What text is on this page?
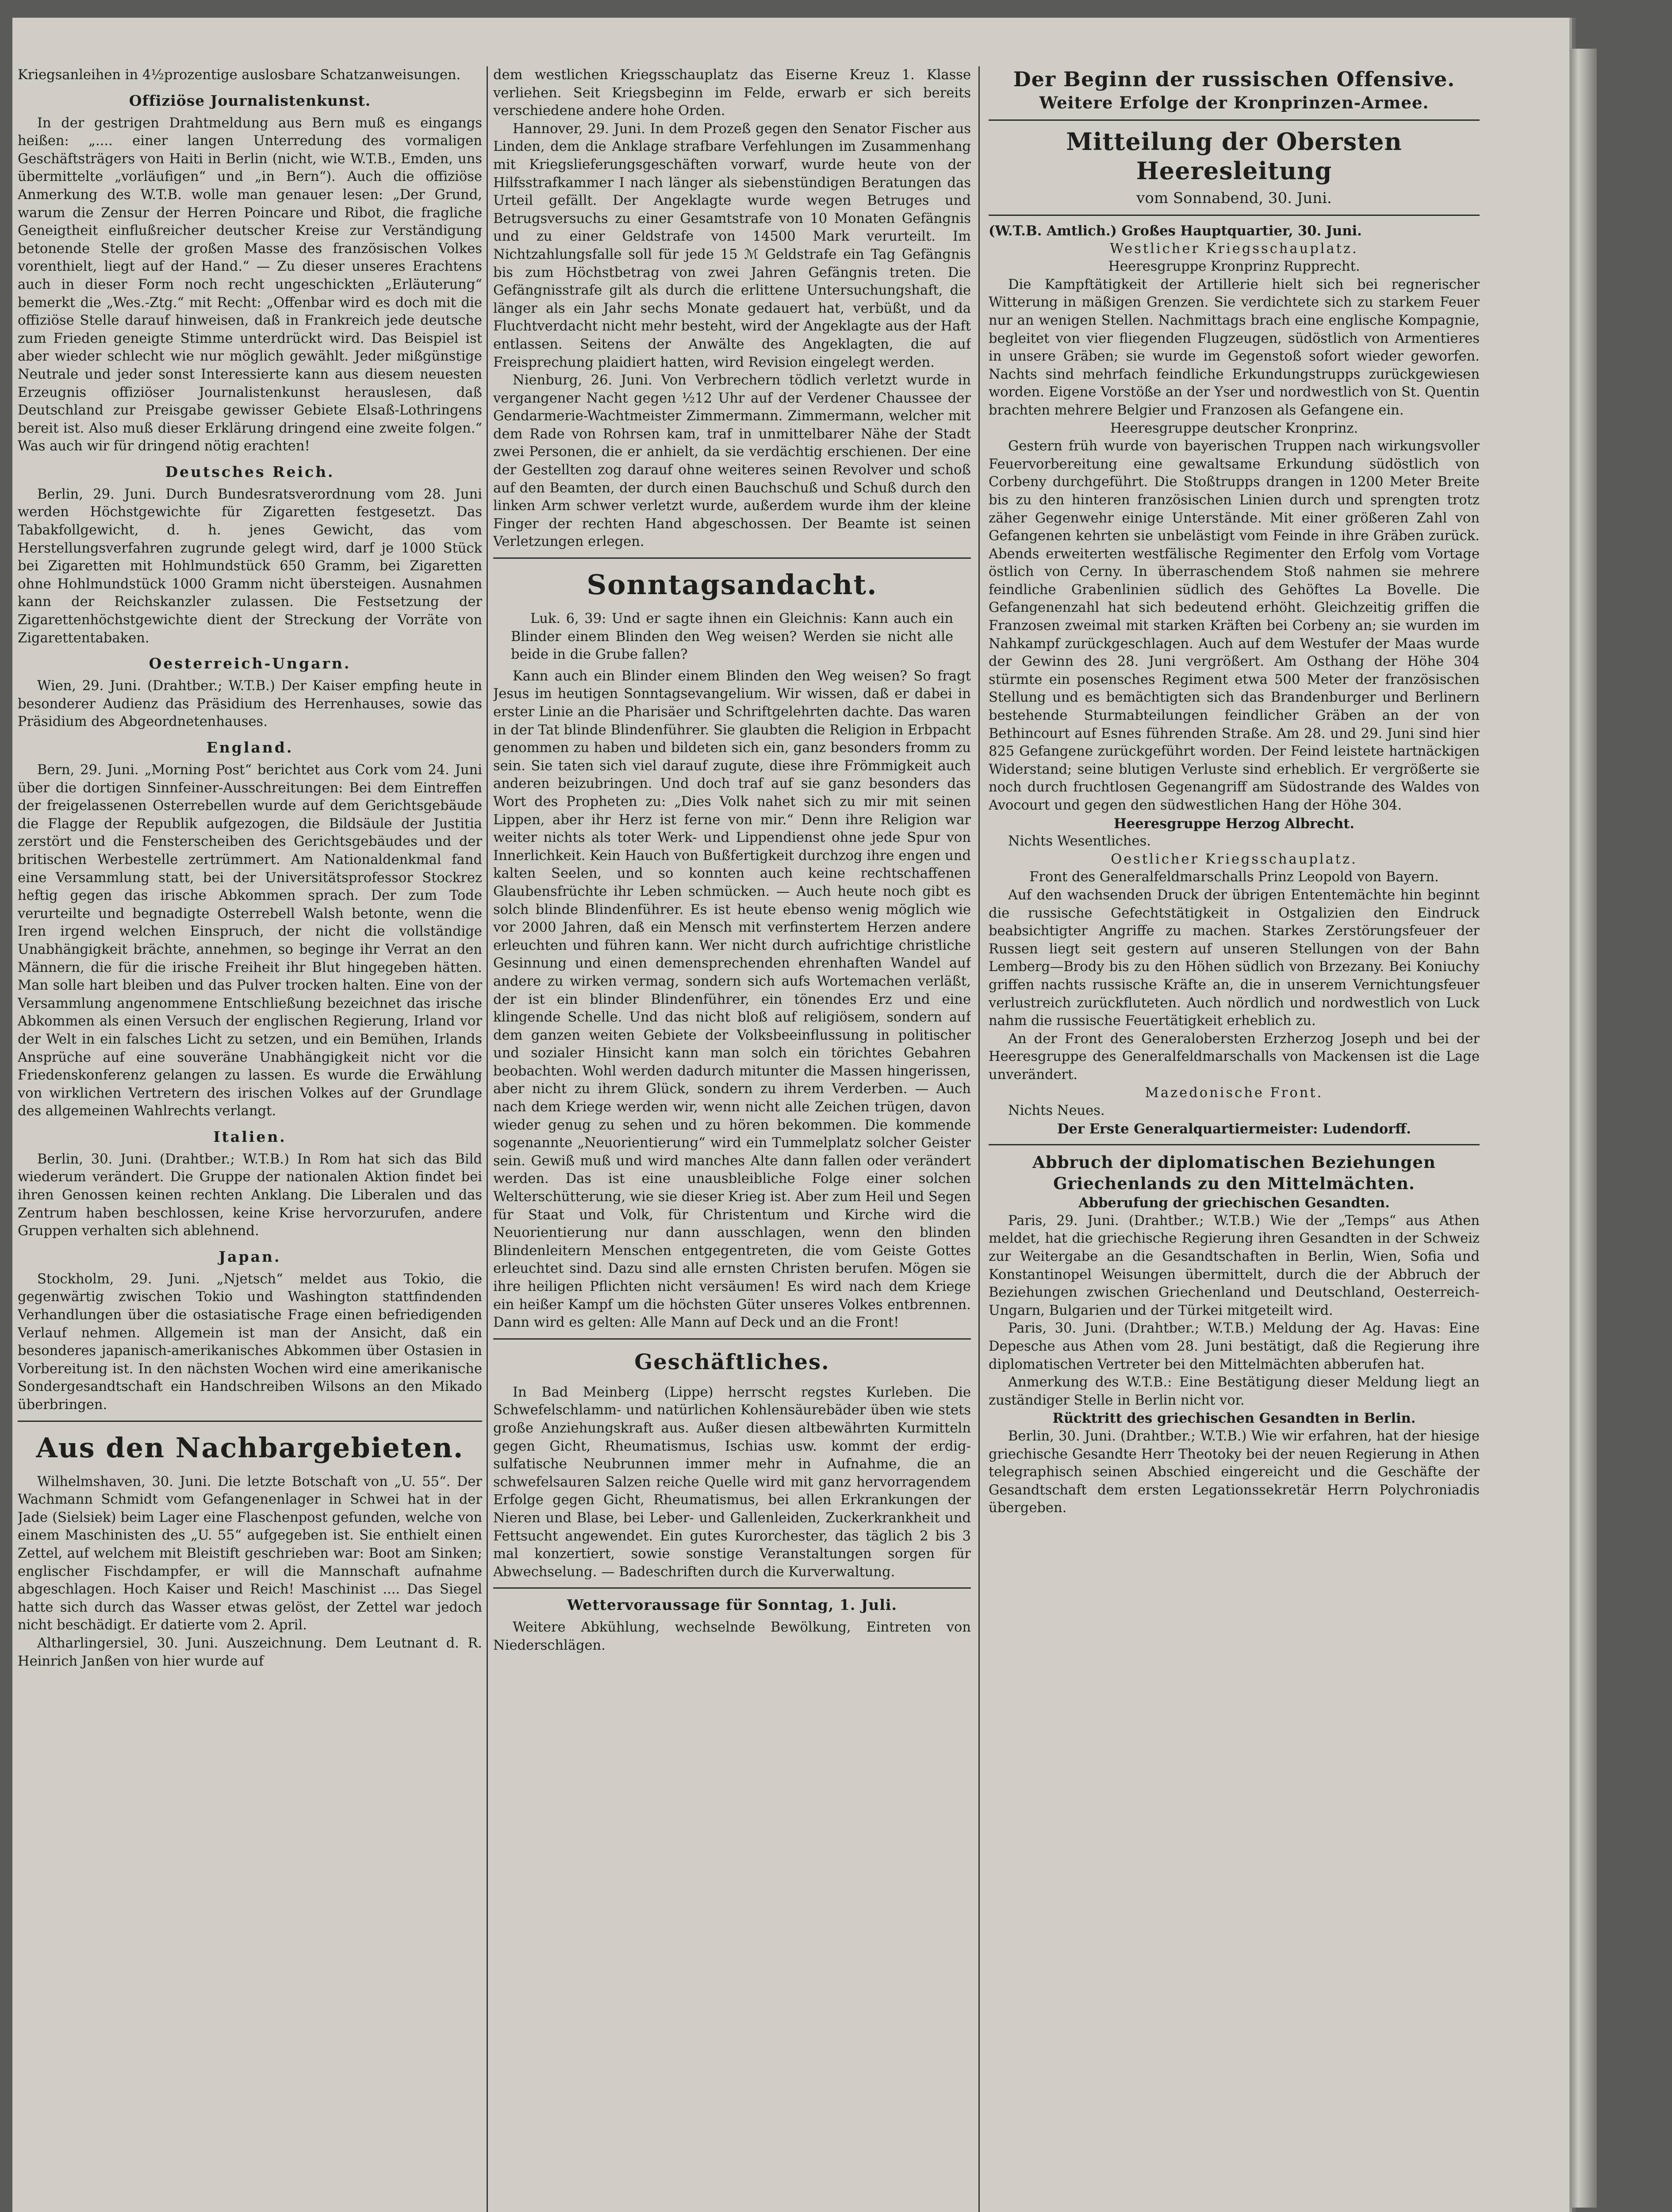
Kriegsanleihen in 4½prozentige auslosbare Schatzanweisungen.

Offiziöse Journalistenkunst.

In der gestrigen Drahtmeldung aus Bern muß es eingangs heißen: „.... einer langen Unterredung des vormaligen Geschäftsträgers von Haiti in Berlin (nicht, wie W.T.B., Emden, uns übermittelte „vorläufigen“ und „in Bern“). Auch die offiziöse Anmerkung des W.T.B. wolle man genauer lesen: „Der Grund, warum die Zensur der Herren Poincare und Ribot, die fragliche Geneigtheit einflußreicher deutscher Kreise zur Verständigung betonende Stelle der großen Masse des französischen Volkes vorenthielt, liegt auf der Hand.“ — Zu dieser unseres Erachtens auch in dieser Form noch recht ungeschickten „Erläuterung“ bemerkt die „Wes.-Ztg.“ mit Recht: „Offenbar wird es doch mit die offiziöse Stelle darauf hinweisen, daß in Frankreich jede deutsche zum Frieden geneigte Stimme unterdrückt wird. Das Beispiel ist aber wieder schlecht wie nur möglich gewählt. Jeder mißgünstige Neutrale und jeder sonst Interessierte kann aus diesem neuesten Erzeugnis offiziöser Journalistenkunst herauslesen, daß Deutschland zur Preisgabe gewisser Gebiete Elsaß-Lothringens bereit ist. Also muß dieser Erklärung dringend eine zweite folgen.“ Was auch wir für dringend nötig erachten!

Deutsches Reich.

Berlin, 29. Juni. Durch Bundesratsverordnung vom 28. Juni werden Höchstgewichte für Zigaretten festgesetzt. Das Tabakfollgewicht, d. h. jenes Gewicht, das vom Herstellungsverfahren zugrunde gelegt wird, darf je 1000 Stück bei Zigaretten mit Hohlmundstück 650 Gramm, bei Zigaretten ohne Hohlmundstück 1000 Gramm nicht übersteigen. Ausnahmen kann der Reichskanzler zulassen. Die Festsetzung der Zigarettenhöchstgewichte dient der Streckung der Vorräte von Zigarettentabaken.

Oesterreich-Ungarn.

Wien, 29. Juni. (Drahtber.; W.T.B.) Der Kaiser empfing heute in besonderer Audienz das Präsidium des Herrenhauses, sowie das Präsidium des Abgeordnetenhauses.

England.

Bern, 29. Juni. „Morning Post“ berichtet aus Cork vom 24. Juni über die dortigen Sinnfeiner-Ausschreitungen: Bei dem Eintreffen der freigelassenen Osterrebellen wurde auf dem Gerichtsgebäude die Flagge der Republik aufgezogen, die Bildsäule der Justitia zerstört und die Fensterscheiben des Gerichtsgebäudes und der britischen Werbestelle zertrümmert. Am Nationaldenkmal fand eine Versammlung statt, bei der Universitätsprofessor Stockrez heftig gegen das irische Abkommen sprach. Der zum Tode verurteilte und begnadigte Osterrebell Walsh betonte, wenn die Iren irgend welchen Einspruch, der nicht die vollständige Unabhängigkeit brächte, annehmen, so beginge ihr Verrat an den Männern, die für die irische Freiheit ihr Blut hingegeben hätten. Man solle hart bleiben und das Pulver trocken halten. Eine von der Versammlung angenommene Entschließung bezeichnet das irische Abkommen als einen Versuch der englischen Regierung, Irland vor der Welt in ein falsches Licht zu setzen, und ein Bemühen, Irlands Ansprüche auf eine souveräne Unabhängigkeit nicht vor die Friedenskonferenz gelangen zu lassen. Es wurde die Erwählung von wirklichen Vertretern des irischen Volkes auf der Grundlage des allgemeinen Wahlrechts verlangt.

Italien.

Berlin, 30. Juni. (Drahtber.; W.T.B.) In Rom hat sich das Bild wiederum verändert. Die Gruppe der nationalen Aktion findet bei ihren Genossen keinen rechten Anklang. Die Liberalen und das Zentrum haben beschlossen, keine Krise hervorzurufen, andere Gruppen verhalten sich ablehnend.

Japan.

Stockholm, 29. Juni. „Njetsch“ meldet aus Tokio, die gegenwärtig zwischen Tokio und Washington stattfindenden Verhandlungen über die ostasiatische Frage einen befriedigenden Verlauf nehmen. Allgemein ist man der Ansicht, daß ein besonderes japanisch-amerikanisches Abkommen über Ostasien in Vorbereitung ist. In den nächsten Wochen wird eine amerikanische Sondergesandtschaft ein Handschreiben Wilsons an den Mikado überbringen.

Aus den Nachbargebieten.

Wilhelmshaven, 30. Juni. Die letzte Botschaft von „U. 55“. Der Wachmann Schmidt vom Gefangenenlager in Schwei hat in der Jade (Sielsiek) beim Lager eine Flaschenpost gefunden, welche von einem Maschinisten des „U. 55“ aufgegeben ist. Sie enthielt einen Zettel, auf welchem mit Bleistift geschrieben war: Boot am Sinken; englischer Fischdampfer, er will die Mannschaft aufnahme abgeschlagen. Hoch Kaiser und Reich! Maschinist .... Das Siegel hatte sich durch das Wasser etwas gelöst, der Zettel war jedoch nicht beschädigt. Er datierte vom 2. April.

Altharlingersiel, 30. Juni. Auszeichnung. Dem Leutnant d. R. Heinrich Janßen von hier wurde auf

dem westlichen Kriegsschauplatz das Eiserne Kreuz 1. Klasse verliehen. Seit Kriegsbeginn im Felde, erwarb er sich bereits verschiedene andere hohe Orden.

Hannover, 29. Juni. In dem Prozeß gegen den Senator Fischer aus Linden, dem die Anklage strafbare Verfehlungen im Zusammenhang mit Kriegslieferungsgeschäften vorwarf, wurde heute von der Hilfsstrafkammer I nach länger als siebenstündigen Beratungen das Urteil gefällt. Der Angeklagte wurde wegen Betruges und Betrugsversuchs zu einer Gesamtstrafe von 10 Monaten Gefängnis und zu einer Geldstrafe von 14500 Mark verurteilt. Im Nichtzahlungsfalle soll für jede 15 ℳ Geldstrafe ein Tag Gefängnis bis zum Höchstbetrag von zwei Jahren Gefängnis treten. Die Gefängnisstrafe gilt als durch die erlittene Untersuchungshaft, die länger als ein Jahr sechs Monate gedauert hat, verbüßt, und da Fluchtverdacht nicht mehr besteht, wird der Angeklagte aus der Haft entlassen. Seitens der Anwälte des Angeklagten, die auf Freisprechung plaidiert hatten, wird Revision eingelegt werden.

Nienburg, 26. Juni. Von Verbrechern tödlich verletzt wurde in vergangener Nacht gegen ½12 Uhr auf der Verdener Chaussee der Gendarmerie-Wachtmeister Zimmermann. Zimmermann, welcher mit dem Rade von Rohrsen kam, traf in unmittelbarer Nähe der Stadt zwei Personen, die er anhielt, da sie verdächtig erschienen. Der eine der Gestellten zog darauf ohne weiteres seinen Revolver und schoß auf den Beamten, der durch einen Bauchschuß und Schuß durch den linken Arm schwer verletzt wurde, außerdem wurde ihm der kleine Finger der rechten Hand abgeschossen. Der Beamte ist seinen Verletzungen erlegen.

Sonntagsandacht.

Luk. 6, 39: Und er sagte ihnen ein Gleichnis: Kann auch ein Blinder einem Blinden den Weg weisen? Werden sie nicht alle beide in die Grube fallen?

Kann auch ein Blinder einem Blinden den Weg weisen? So fragt Jesus im heutigen Sonntagsevangelium. Wir wissen, daß er dabei in erster Linie an die Pharisäer und Schriftgelehrten dachte. Das waren in der Tat blinde Blindenführer. Sie glaubten die Religion in Erbpacht genommen zu haben und bildeten sich ein, ganz besonders fromm zu sein. Sie taten sich viel darauf zugute, diese ihre Frömmigkeit auch anderen beizubringen. Und doch traf auf sie ganz besonders das Wort des Propheten zu: „Dies Volk nahet sich zu mir mit seinen Lippen, aber ihr Herz ist ferne von mir.“ Denn ihre Religion war weiter nichts als toter Werk- und Lippendienst ohne jede Spur von Innerlichkeit. Kein Hauch von Bußfertigkeit durchzog ihre engen und kalten Seelen, und so konnten auch keine rechtschaffenen Glaubensfrüchte ihr Leben schmücken. — Auch heute noch gibt es solch blinde Blindenführer. Es ist heute ebenso wenig möglich wie vor 2000 Jahren, daß ein Mensch mit verfinstertem Herzen andere erleuchten und führen kann. Wer nicht durch aufrichtige christliche Gesinnung und einen demensprechenden ehrenhaften Wandel auf andere zu wirken vermag, sondern sich aufs Wortemachen verläßt, der ist ein blinder Blindenführer, ein tönendes Erz und eine klingende Schelle. Und das nicht bloß auf religiösem, sondern auf dem ganzen weiten Gebiete der Volksbeeinflussung in politischer und sozialer Hinsicht kann man solch ein törichtes Gebahren beobachten. Wohl werden dadurch mitunter die Massen hingerissen, aber nicht zu ihrem Glück, sondern zu ihrem Verderben. — Auch nach dem Kriege werden wir, wenn nicht alle Zeichen trügen, davon wieder genug zu sehen und zu hören bekommen. Die kommende sogenannte „Neuorientierung“ wird ein Tummelplatz solcher Geister sein. Gewiß muß und wird manches Alte dann fallen oder verändert werden. Das ist eine unausbleibliche Folge einer solchen Welterschütterung, wie sie dieser Krieg ist. Aber zum Heil und Segen für Staat und Volk, für Christentum und Kirche wird die Neuorientierung nur dann ausschlagen, wenn den blinden Blindenleitern Menschen entgegentreten, die vom Geiste Gottes erleuchtet sind. Dazu sind alle ernsten Christen berufen. Mögen sie ihre heiligen Pflichten nicht versäumen! Es wird nach dem Kriege ein heißer Kampf um die höchsten Güter unseres Volkes entbrennen. Dann wird es gelten: Alle Mann auf Deck und an die Front!

Geschäftliches.

In Bad Meinberg (Lippe) herrscht regstes Kurleben. Die Schwefelschlamm- und natürlichen Kohlensäurebäder üben wie stets große Anziehungskraft aus. Außer diesen altbewährten Kurmitteln gegen Gicht, Rheumatismus, Ischias usw. kommt der erdig-sulfatische Neubrunnen immer mehr in Aufnahme, die an schwefelsauren Salzen reiche Quelle wird mit ganz hervorragendem Erfolge gegen Gicht, Rheumatismus, bei allen Erkrankungen der Nieren und Blase, bei Leber- und Gallenleiden, Zuckerkrankheit und Fettsucht angewendet. Ein gutes Kurorchester, das täglich 2 bis 3 mal konzertiert, sowie sonstige Veranstaltungen sorgen für Abwechselung. — Badeschriften durch die Kurverwaltung.

Wettervoraussage für Sonntag, 1. Juli.

Weitere Abkühlung, wechselnde Bewölkung, Eintreten von Niederschlägen.

Der Beginn der russischen Offensive.
Weitere Erfolge der Kronprinzen-Armee.
Mitteilung der Obersten Heeresleitung
vom Sonnabend, 30. Juni.

(W.T.B. Amtlich.) Großes Hauptquartier, 30. Juni.

Westlicher Kriegsschauplatz.

Heeresgruppe Kronprinz Rupprecht.

Die Kampftätigkeit der Artillerie hielt sich bei regnerischer Witterung in mäßigen Grenzen. Sie verdichtete sich zu starkem Feuer nur an wenigen Stellen. Nachmittags brach eine englische Kompagnie, begleitet von vier fliegenden Flugzeugen, südöstlich von Armentieres in unsere Gräben; sie wurde im Gegenstoß sofort wieder geworfen. Nachts sind mehrfach feindliche Erkundungstrupps zurückgewiesen worden. Eigene Vorstöße an der Yser und nordwestlich von St. Quentin brachten mehrere Belgier und Franzosen als Gefangene ein.

Heeresgruppe deutscher Kronprinz.

Gestern früh wurde von bayerischen Truppen nach wirkungsvoller Feuervorbereitung eine gewaltsame Erkundung südöstlich von Corbeny durchgeführt. Die Stoßtrupps drangen in 1200 Meter Breite bis zu den hinteren französischen Linien durch und sprengten trotz zäher Gegenwehr einige Unterstände. Mit einer größeren Zahl von Gefangenen kehrten sie unbelästigt vom Feinde in ihre Gräben zurück. Abends erweiterten westfälische Regimenter den Erfolg vom Vortage östlich von Cerny. In überraschendem Stoß nahmen sie mehrere feindliche Grabenlinien südlich des Gehöftes La Bovelle. Die Gefangenenzahl hat sich bedeutend erhöht. Gleichzeitig griffen die Franzosen zweimal mit starken Kräften bei Corbeny an; sie wurden im Nahkampf zurückgeschlagen. Auch auf dem Westufer der Maas wurde der Gewinn des 28. Juni vergrößert. Am Osthang der Höhe 304 stürmte ein posensches Regiment etwa 500 Meter der französischen Stellung und es bemächtigten sich das Brandenburger und Berlinern bestehende Sturmabteilungen feindlicher Gräben an der von Bethincourt auf Esnes führenden Straße. Am 28. und 29. Juni sind hier 825 Gefangene zurückgeführt worden. Der Feind leistete hartnäckigen Widerstand; seine blutigen Verluste sind erheblich. Er vergrößerte sie noch durch fruchtlosen Gegenangriff am Südostrande des Waldes von Avocourt und gegen den südwestlichen Hang der Höhe 304.

Heeresgruppe Herzog Albrecht.

Nichts Wesentliches.

Oestlicher Kriegsschauplatz.

Front des Generalfeldmarschalls Prinz Leopold von Bayern.

Auf den wachsenden Druck der übrigen Ententemächte hin beginnt die russische Gefechtstätigkeit in Ostgalizien den Eindruck beabsichtigter Angriffe zu machen. Starkes Zerstörungsfeuer der Russen liegt seit gestern auf unseren Stellungen von der Bahn Lemberg—Brody bis zu den Höhen südlich von Brzezany. Bei Koniuchy griffen nachts russische Kräfte an, die in unserem Vernichtungsfeuer verlustreich zurückfluteten. Auch nördlich und nordwestlich von Luck nahm die russische Feuertätigkeit erheblich zu.

An der Front des Generalobersten Erzherzog Joseph und bei der Heeresgruppe des Generalfeldmarschalls von Mackensen ist die Lage unverändert.

Mazedonische Front.

Nichts Neues.

Der Erste Generalquartiermeister: Ludendorff.

Abbruch der diplomatischen Beziehungen Griechenlands zu den Mittelmächten.

Abberufung der griechischen Gesandten.

Paris, 29. Juni. (Drahtber.; W.T.B.) Wie der „Temps“ aus Athen meldet, hat die griechische Regierung ihren Gesandten in der Schweiz zur Weitergabe an die Gesandtschaften in Berlin, Wien, Sofia und Konstantinopel Weisungen übermittelt, durch die der Abbruch der Beziehungen zwischen Griechenland und Deutschland, Oesterreich-Ungarn, Bulgarien und der Türkei mitgeteilt wird.

Paris, 30. Juni. (Drahtber.; W.T.B.) Meldung der Ag. Havas: Eine Depesche aus Athen vom 28. Juni bestätigt, daß die Regierung ihre diplomatischen Vertreter bei den Mittelmächten abberufen hat.

Anmerkung des W.T.B.: Eine Bestätigung dieser Meldung liegt an zuständiger Stelle in Berlin nicht vor.

Rücktritt des griechischen Gesandten in Berlin.

Berlin, 30. Juni. (Drahtber.; W.T.B.) Wie wir erfahren, hat der hiesige griechische Gesandte Herr Theotoky bei der neuen Regierung in Athen telegraphisch seinen Abschied eingereicht und die Geschäfte der Gesandtschaft dem ersten Legationssekretär Herrn Polychroniadis übergeben.
